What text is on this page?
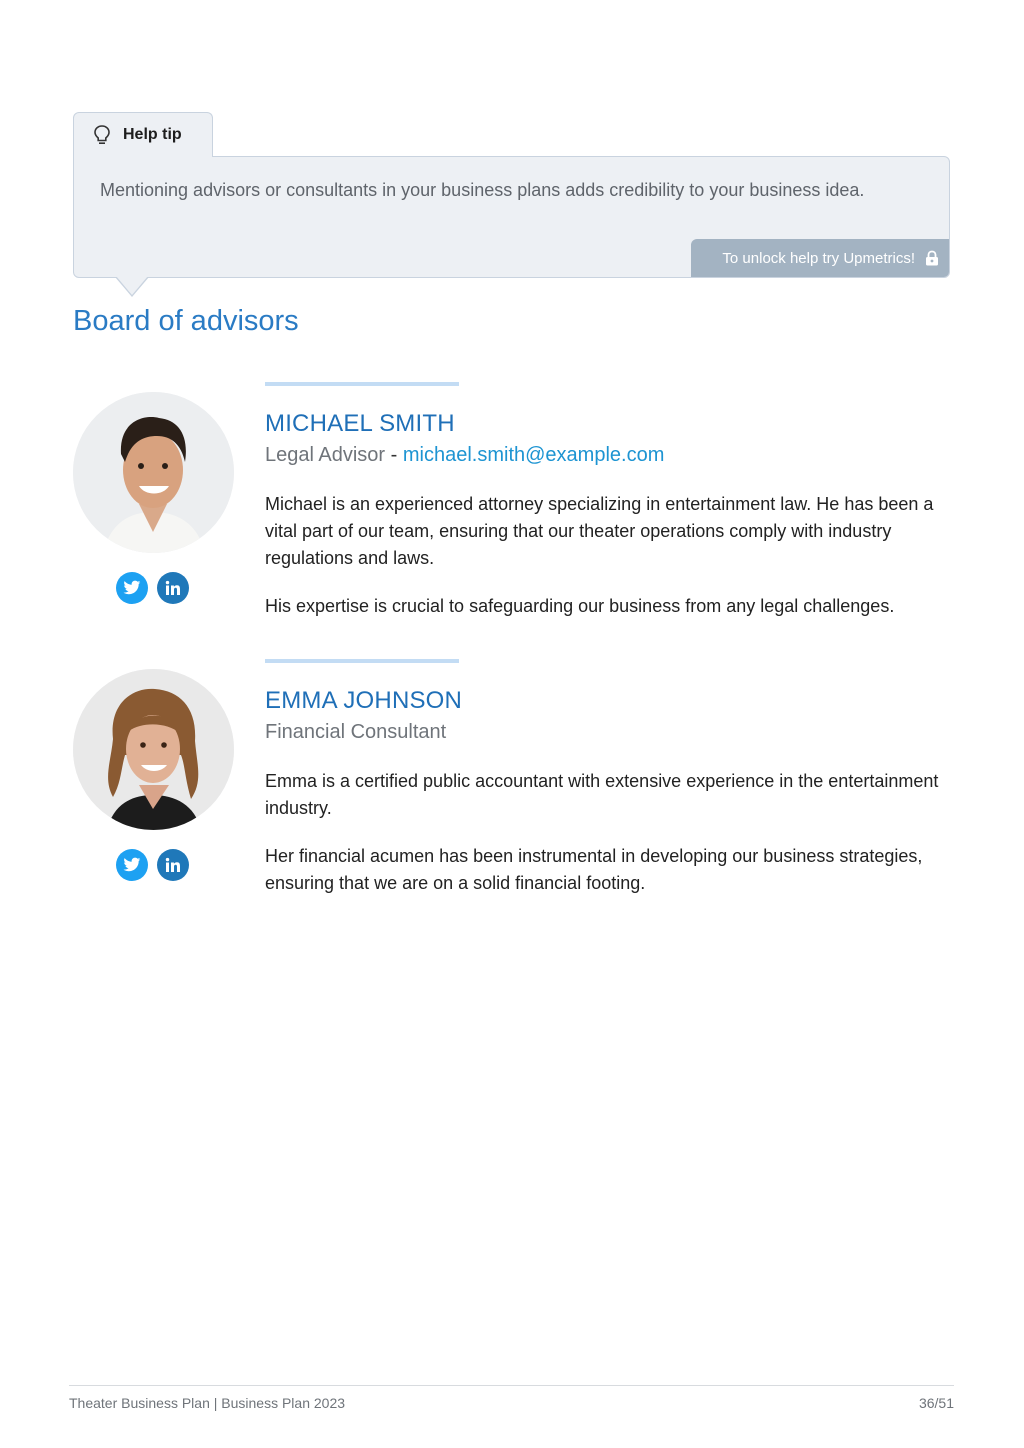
Help tip
Mentioning advisors or consultants in your business plans adds credibility to your business idea.
To unlock help try Upmetrics!
Board of advisors
MICHAEL SMITH
Legal Advisor - michael.smith@example.com

Michael is an experienced attorney specializing in entertainment law. He has been a vital part of our team, ensuring that our theater operations comply with industry regulations and laws.

His expertise is crucial to safeguarding our business from any legal challenges.

EMMA JOHNSON
Financial Consultant

Emma is a certified public accountant with extensive experience in the entertainment industry.

Her financial acumen has been instrumental in developing our business strategies, ensuring that we are on a solid financial footing.

Theater Business Plan | Business Plan 2023	36/51
